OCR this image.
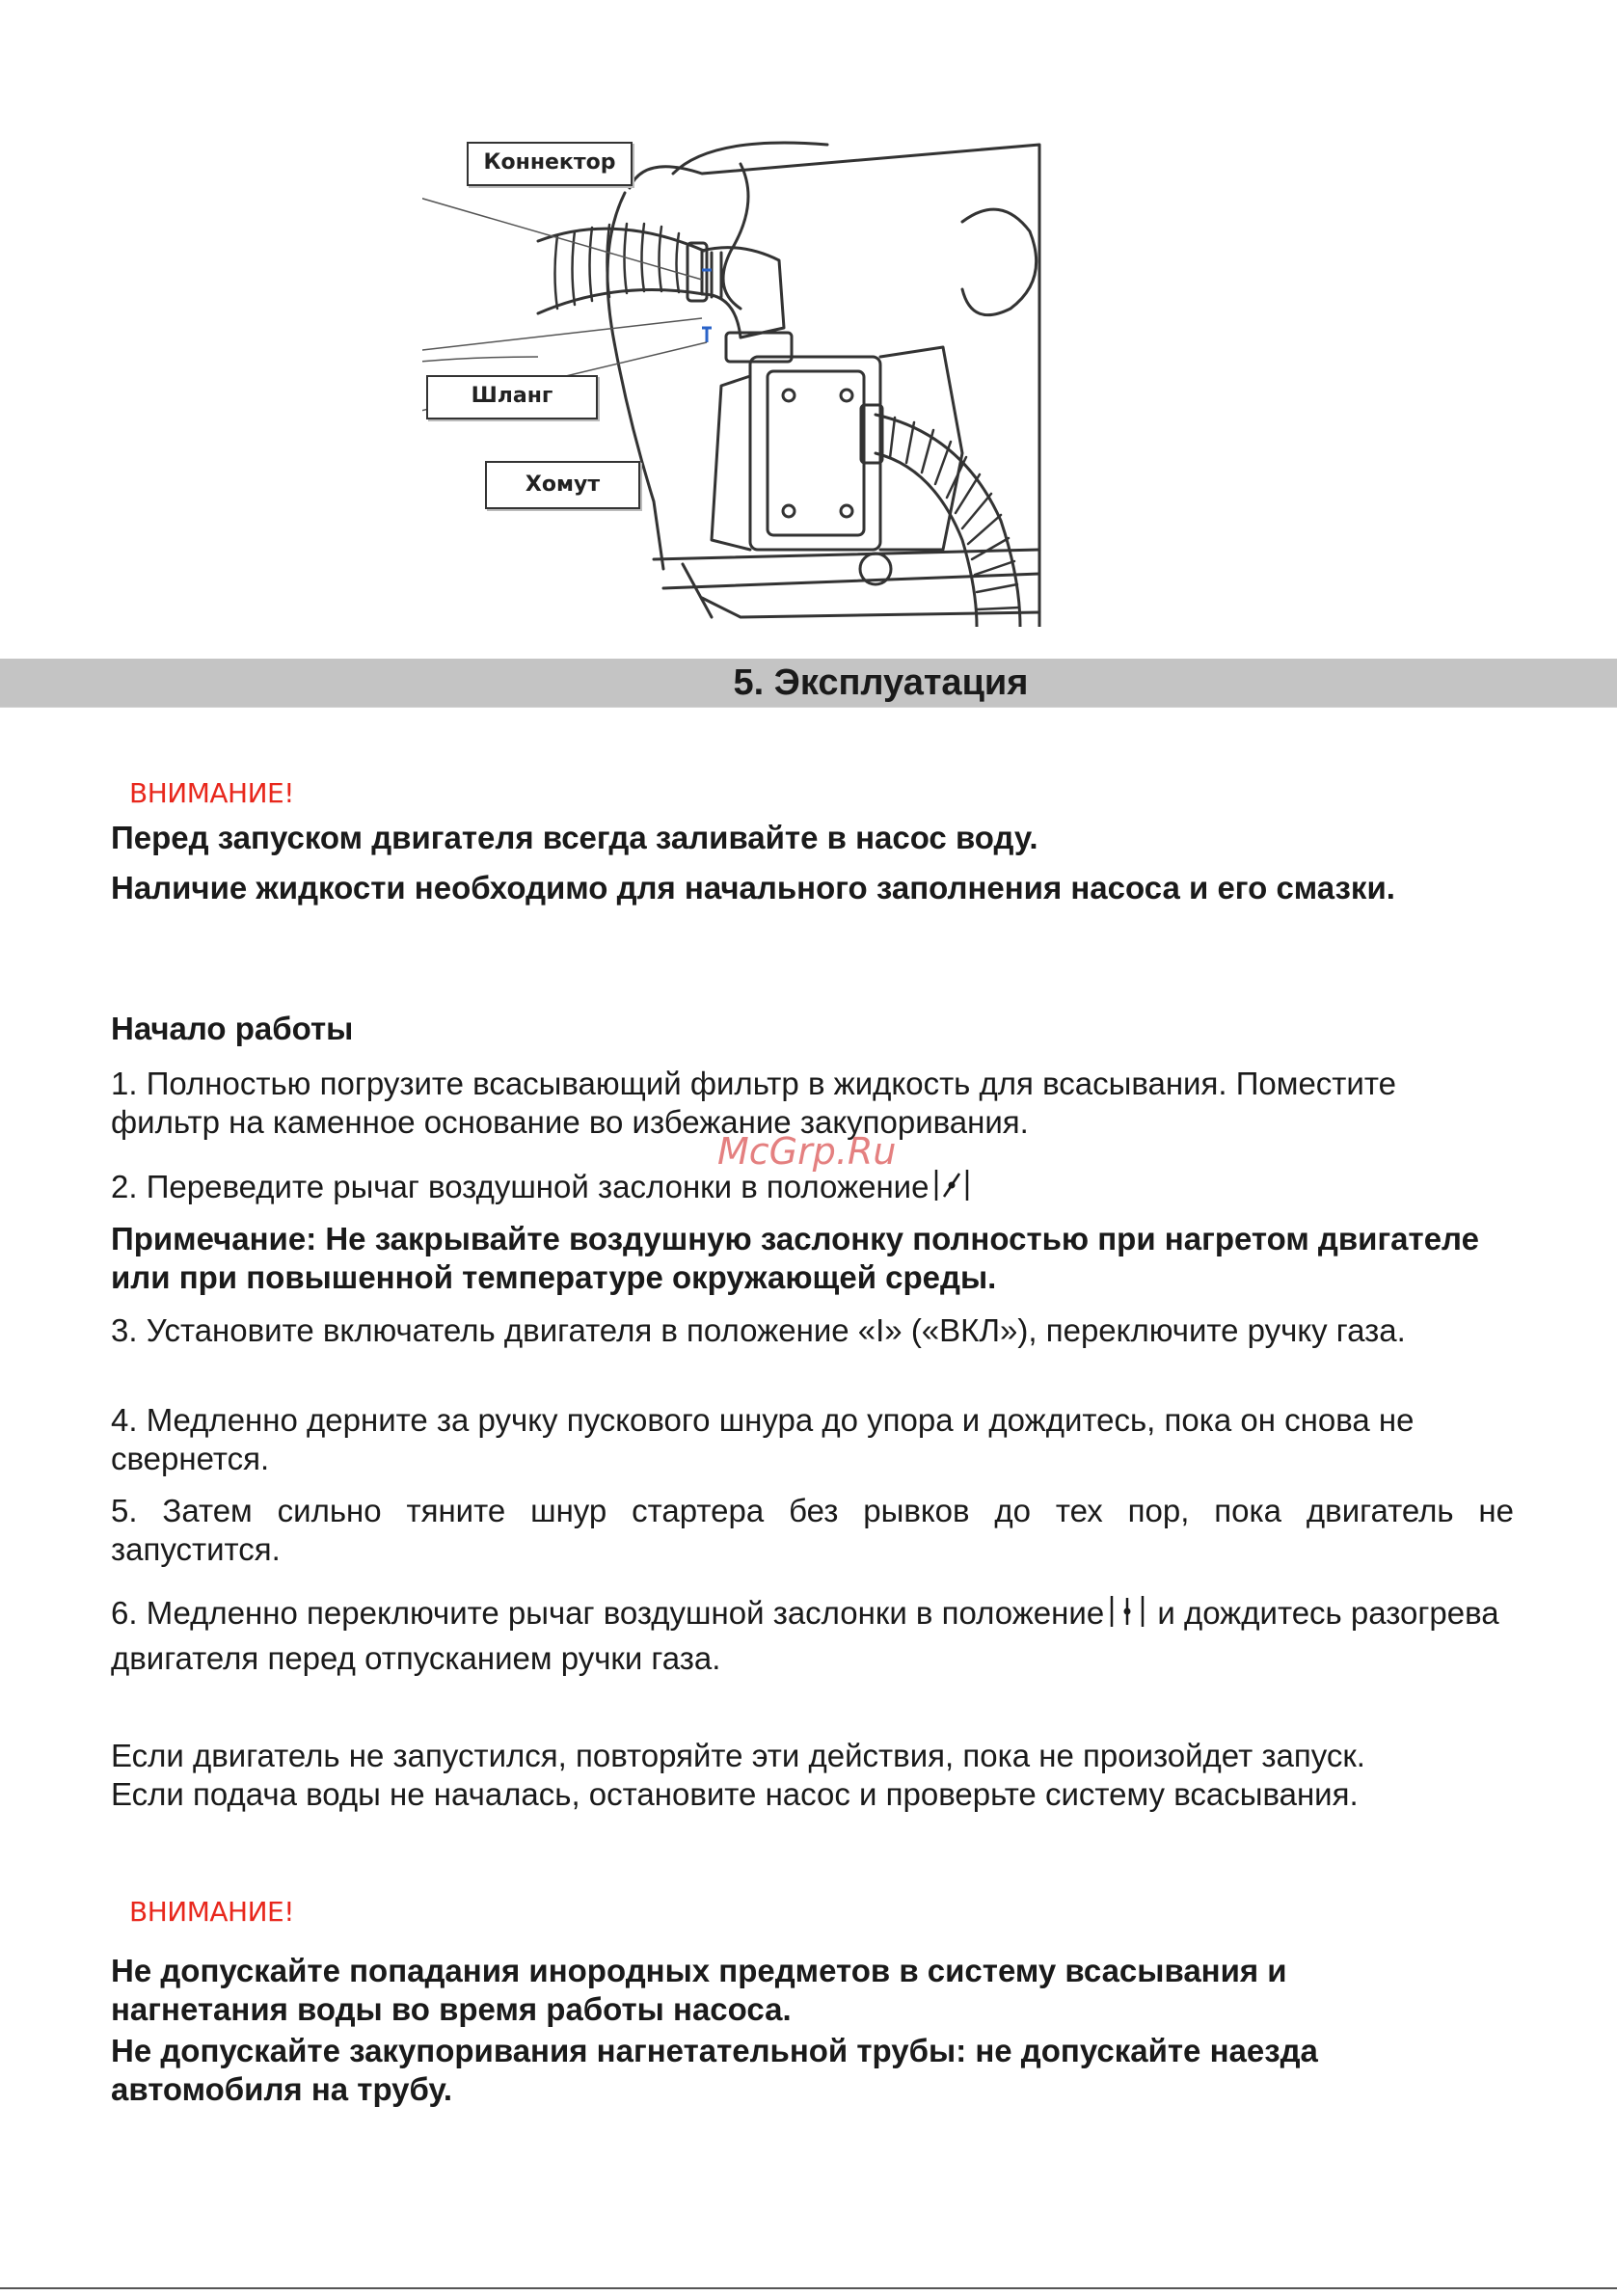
Коннектор
Шланг
Хомут
5. Эксплуатация
ВНИМАНИЕ!
Перед запуском двигателя всегда заливайте в насос воду.
Наличие жидкости необходимо для начального заполнения насоса и его смазки.
Начало работы
1. Полностью погрузите всасывающий фильтр в жидкость для всасывания. Поместите фильтр на каменное основание во избежание закупоривания.
McGrp.Ru
2. Переведите рычаг воздушной заслонки в положение
Примечание: Не закрывайте воздушную заслонку полностью при нагретом двигателе или при повышенной температуре окружающей среды.
3. Установите включатель двигателя в положение «I» («ВКЛ»), переключите ручку газа.
4. Медленно дерните за ручку пускового шнура до упора и дождитесь, пока он снова не свернется.
5. Затем сильно тяните шнур стартера без рывков до тех пор, пока двигатель не запустится.
6. Медленно переключите рычаг воздушной заслонки в положение и дождитесь разогрева двигателя перед отпусканием ручки газа.
Если двигатель не запустился, повторяйте эти действия, пока не произойдет запуск.
Если подача воды не началась, остановите насос и проверьте систему всасывания.
ВНИМАНИЕ!
Не допускайте попадания инородных предметов в систему всасывания и нагнетания воды во время работы насоса.
Не допускайте закупоривания нагнетательной трубы: не допускайте наезда автомобиля на трубу.
